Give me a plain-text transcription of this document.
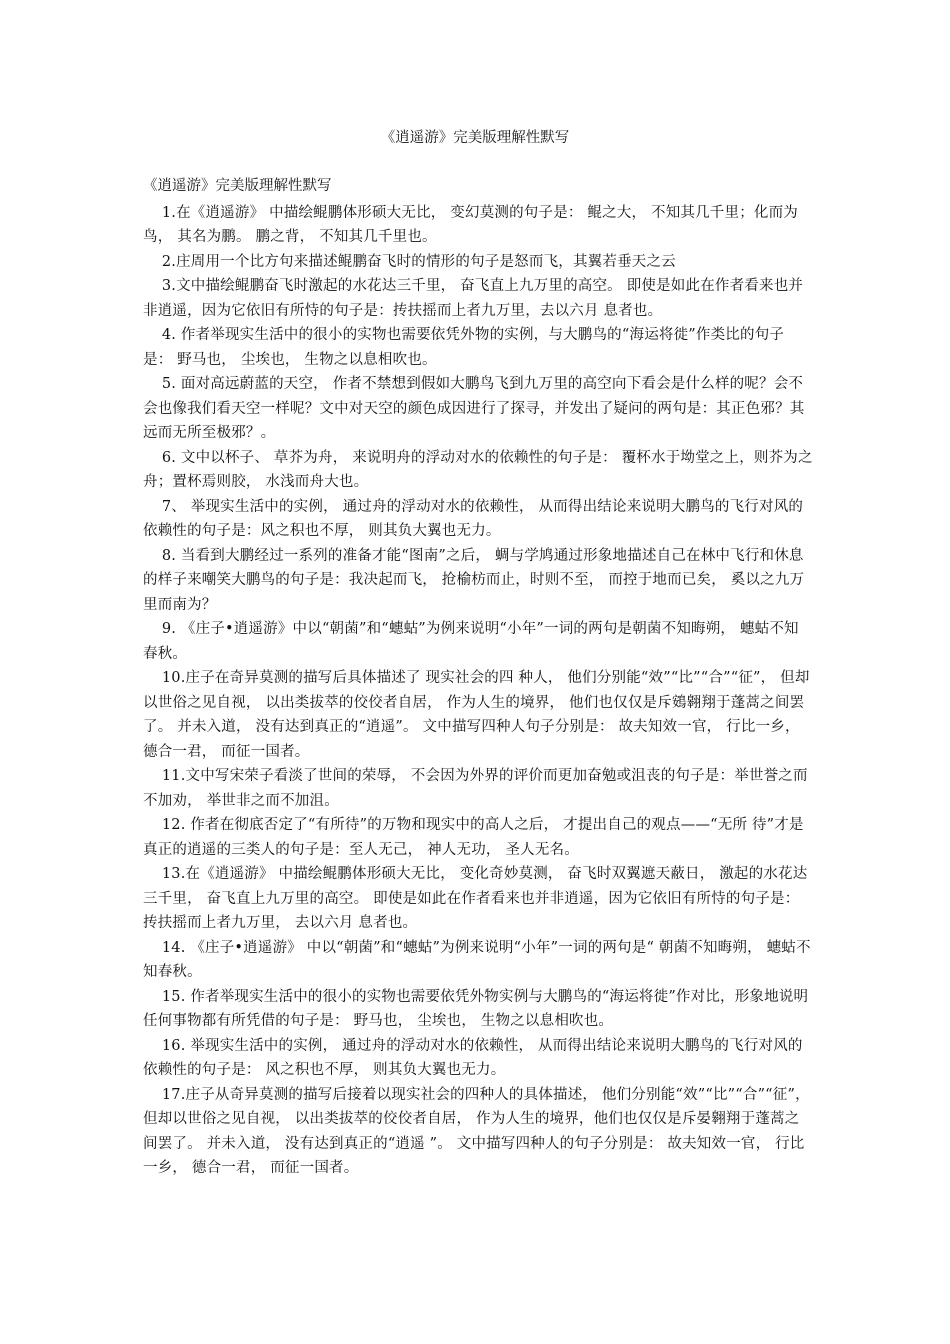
《逍遥游》完美版理解性默写

《逍遥游》完美版理解性默写

1.在《逍遥游》 中描绘鲲鹏体形硕大无比， 变幻莫测的句子是： 鲲之大， 不知其几千里；化而为鸟， 其名为鹏。 鹏之背， 不知其几千里也。

2.庄周用一个比方句来描述鲲鹏奋飞时的情形的句子是怒而飞，其翼若垂天之云

3.文中描绘鲲鹏奋飞时激起的水花达三千里， 奋飞直上九万里的高空。 即使是如此在作者看来也并非逍遥，因为它依旧有所恃的句子是：抟扶摇而上者九万里，去以六月 息者也。

4. 作者举现实生活中的很小的实物也需要依凭外物的实例，与大鹏鸟的“海运将徙”作类比的句子是： 野马也， 尘埃也， 生物之以息相吹也。

5. 面对高远蔚蓝的天空， 作者不禁想到假如大鹏鸟飞到九万里的高空向下看会是什么样的呢？会不会也像我们看天空一样呢？文中对天空的颜色成因进行了探寻，并发出了疑问的两句是：其正色邪？其远而无所至极邪？。

6. 文中以杯子、 草芥为舟， 来说明舟的浮动对水的依赖性的句子是： 覆杯水于坳堂之上，则芥为之舟；置杯焉则胶， 水浅而舟大也。

7、 举现实生活中的实例， 通过舟的浮动对水的依赖性， 从而得出结论来说明大鹏鸟的飞行对风的依赖性的句子是：风之积也不厚， 则其负大翼也无力。

8. 当看到大鹏经过一系列的准备才能“图南”之后， 蜩与学鸠通过形象地描述自己在林中飞行和休息的样子来嘲笑大鹏鸟的句子是：我决起而飞， 抢榆枋而止，时则不至， 而控于地而已矣， 奚以之九万里而南为？

9. 《庄子•逍遥游》中以“朝菌”和“蟪蛄”为例来说明“小年”一词的两句是朝菌不知晦朔， 蟪蛄不知春秋。

10.庄子在奇异莫测的描写后具体描述了 现实社会的四 种人， 他们分别能“效”“比”“合”“征”， 但却以世俗之见自视， 以出类拔萃的佼佼者自居， 作为人生的境界， 他们也仅仅是斥鴳翱翔于蓬蒿之间罢了。 并未入道， 没有达到真正的“逍遥”。 文中描写四种人句子分别是： 故夫知效一官， 行比一乡， 德合一君， 而征一国者。

11.文中写宋荣子看淡了世间的荣辱， 不会因为外界的评价而更加奋勉或沮丧的句子是：举世誉之而不加劝， 举世非之而不加沮。

12. 作者在彻底否定了“有所待”的万物和现实中的高人之后， 才提出自己的观点——“无所 待”才是真正的逍遥的三类人的句子是：至人无己， 神人无功， 圣人无名。

13.在《逍遥游》 中描绘鲲鹏体形硕大无比， 变化奇妙莫测， 奋飞时双翼遮天蔽日， 激起的水花达三千里， 奋飞直上九万里的高空。 即使是如此在作者看来也并非逍遥，因为它依旧有所恃的句子是：抟扶摇而上者九万里， 去以六月 息者也。

14. 《庄子•逍遥游》 中以“朝菌”和“蟪蛄”为例来说明“小年”一词的两句是“ 朝菌不知晦朔， 蟪蛄不知春秋。

15. 作者举现实生活中的很小的实物也需要依凭外物实例与大鹏鸟的“海运将徙”作对比，形象地说明任何事物都有所凭借的句子是： 野马也， 尘埃也， 生物之以息相吹也。

16. 举现实生活中的实例， 通过舟的浮动对水的依赖性， 从而得出结论来说明大鹏鸟的飞行对风的依赖性的句子是： 风之积也不厚， 则其负大翼也无力。

17.庄子从奇异莫测的描写后接着以现实社会的四种人的具体描述， 他们分别能“效”“比”“合”“征”， 但却以世俗之见自视， 以出类拔萃的佼佼者自居， 作为人生的境界，他们也仅仅是斥晏翱翔于蓬蒿之间罢了。 并未入道， 没有达到真正的“逍遥 ”。 文中描写四种人的句子分别是： 故夫知效一官， 行比一乡， 德合一君， 而征一国者。
